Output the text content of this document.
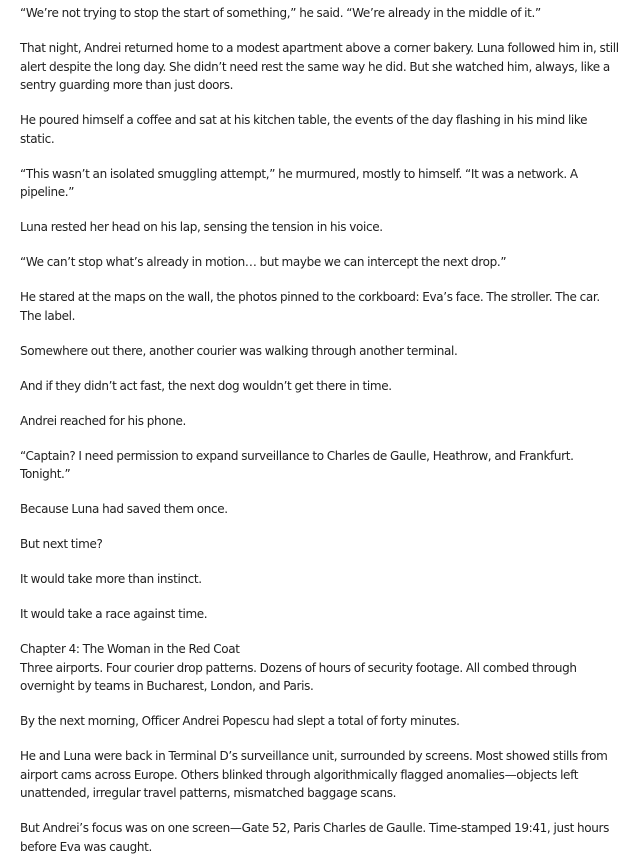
“We’re not trying to stop the start of something,” he said. “We’re already in the middle of it.”

That night, Andrei returned home to a modest apartment above a corner bakery. Luna followed him in, still alert despite the long day. She didn’t need rest the same way he did. But she watched him, always, like a sentry guarding more than just doors.

He poured himself a coffee and sat at his kitchen table, the events of the day flashing in his mind like static.

“This wasn’t an isolated smuggling attempt,” he murmured, mostly to himself. “It was a network. A pipeline.”

Luna rested her head on his lap, sensing the tension in his voice.

“We can’t stop what’s already in motion… but maybe we can intercept the next drop.”

He stared at the maps on the wall, the photos pinned to the corkboard: Eva’s face. The stroller. The car. The label.

Somewhere out there, another courier was walking through another terminal.

And if they didn’t act fast, the next dog wouldn’t get there in time.

Andrei reached for his phone.

“Captain? I need permission to expand surveillance to Charles de Gaulle, Heathrow, and Frankfurt. Tonight.”

Because Luna had saved them once.

But next time?

It would take more than instinct.

It would take a race against time.

Chapter 4: The Woman in the Red Coat
Three airports. Four courier drop patterns. Dozens of hours of security footage. All combed through overnight by teams in Bucharest, London, and Paris.

By the next morning, Officer Andrei Popescu had slept a total of forty minutes.

He and Luna were back in Terminal D’s surveillance unit, surrounded by screens. Most showed stills from airport cams across Europe. Others blinked through algorithmically flagged anomalies—objects left unattended, irregular travel patterns, mismatched baggage scans.

But Andrei’s focus was on one screen—Gate 52, Paris Charles de Gaulle. Time-stamped 19:41, just hours before Eva was caught.
